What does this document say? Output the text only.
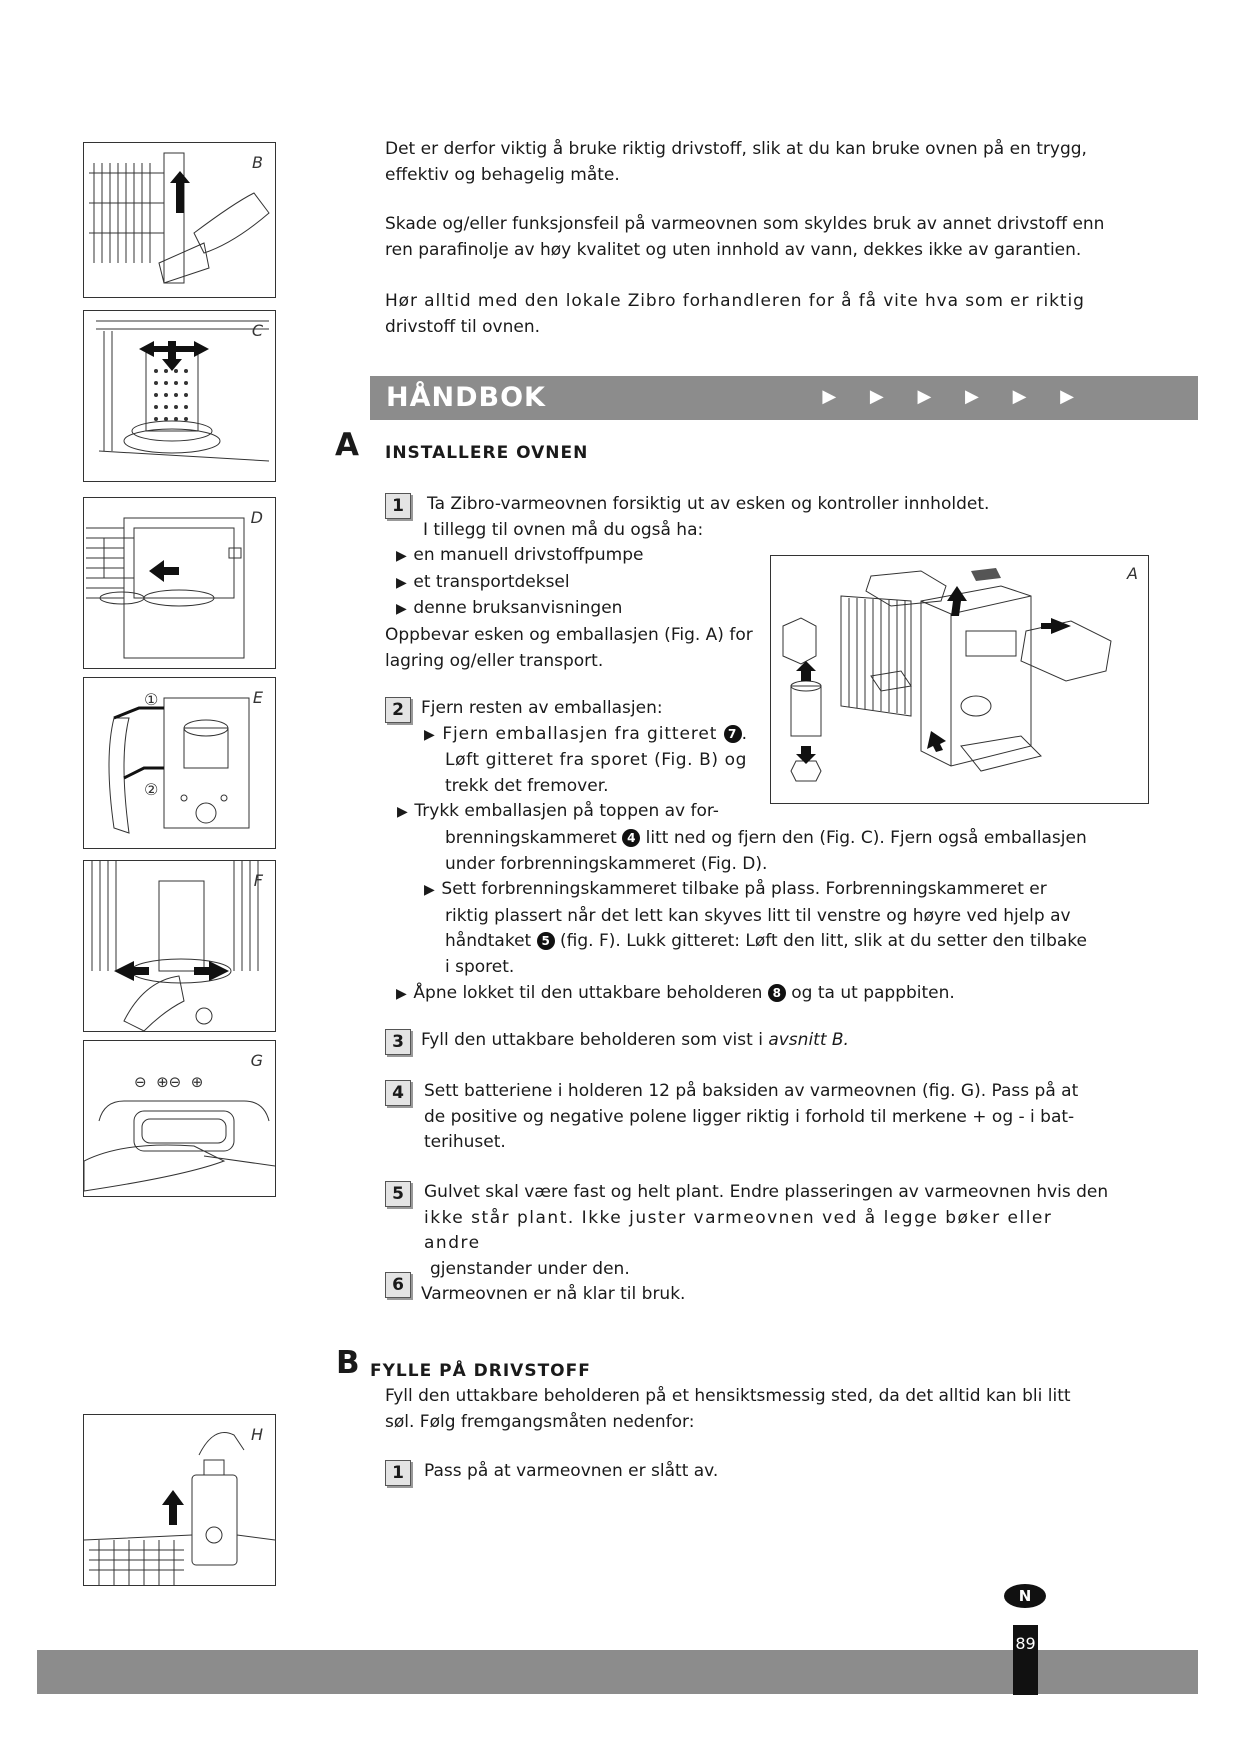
B
C
D
E
①
②
F
G
⊖  ⊕⊖  ⊕
H
Det er derfor viktig å bruke riktig drivstoff, slik at du kan bruke ovnen på en trygg,
effektiv og behagelig måte.
Skade og/eller funksjonsfeil på varmeovnen som skyldes bruk av annet drivstoff enn
ren parafinolje av høy kvalitet og uten innhold av vann, dekkes ikke av garantien.
Hør alltid med den lokale Zibro forhandleren for å få vite hva som er riktig
drivstoff til ovnen.
HÅNDBOK	▶ ▶ ▶ ▶ ▶ ▶
A INSTALLERE OVNEN
1	Ta Zibro-varmeovnen forsiktig ut av esken og kontroller innholdet.
I tillegg til ovnen må du også ha:
▶ en manuell drivstoffpumpe
▶ et transportdeksel
▶ denne bruksanvisningen
Oppbevar esken og emballasjen (Fig. A) for
lagring og/eller transport.
A
2	Fjern resten av emballasjen:
▶ Fjern emballasjen fra gitteret 7 .
Løft gitteret fra sporet (Fig. B) og
trekk det fremover.
▶ Trykk emballasjen på toppen av for-
brenningskammeret 4 litt ned og fjern den (Fig. C). Fjern også emballasjen
under forbrenningskammeret (Fig. D).
▶ Sett forbrenningskammeret tilbake på plass. Forbrenningskammeret er
riktig plassert når det lett kan skyves litt til venstre og høyre ved hjelp av
håndtaket 5 (fig. F). Lukk gitteret: Løft den litt, slik at du setter den tilbake
i sporet.
▶ Åpne lokket til den uttakbare beholderen 8 og ta ut pappbiten.
3	Fyll den uttakbare beholderen som vist i avsnitt B.
4	Sett batteriene i holderen 12 på baksiden av varmeovnen (fig. G). Pass på at
de positive og negative polene ligger riktig i forhold til merkene + og - i bat-
terihuset.
5	Gulvet skal være fast og helt plant. Endre plasseringen av varmeovnen hvis den
ikke står plant. Ikke juster varmeovnen ved å legge bøker eller andre
gjenstander under den.
6	Varmeovnen er nå klar til bruk.
B FYLLE PÅ DRIVSTOFF
Fyll den uttakbare beholderen på et hensiktsmessig sted, da det alltid kan bli litt
søl. Følg fremgangsmåten nedenfor:
1	Pass på at varmeovnen er slått av.
N
89
